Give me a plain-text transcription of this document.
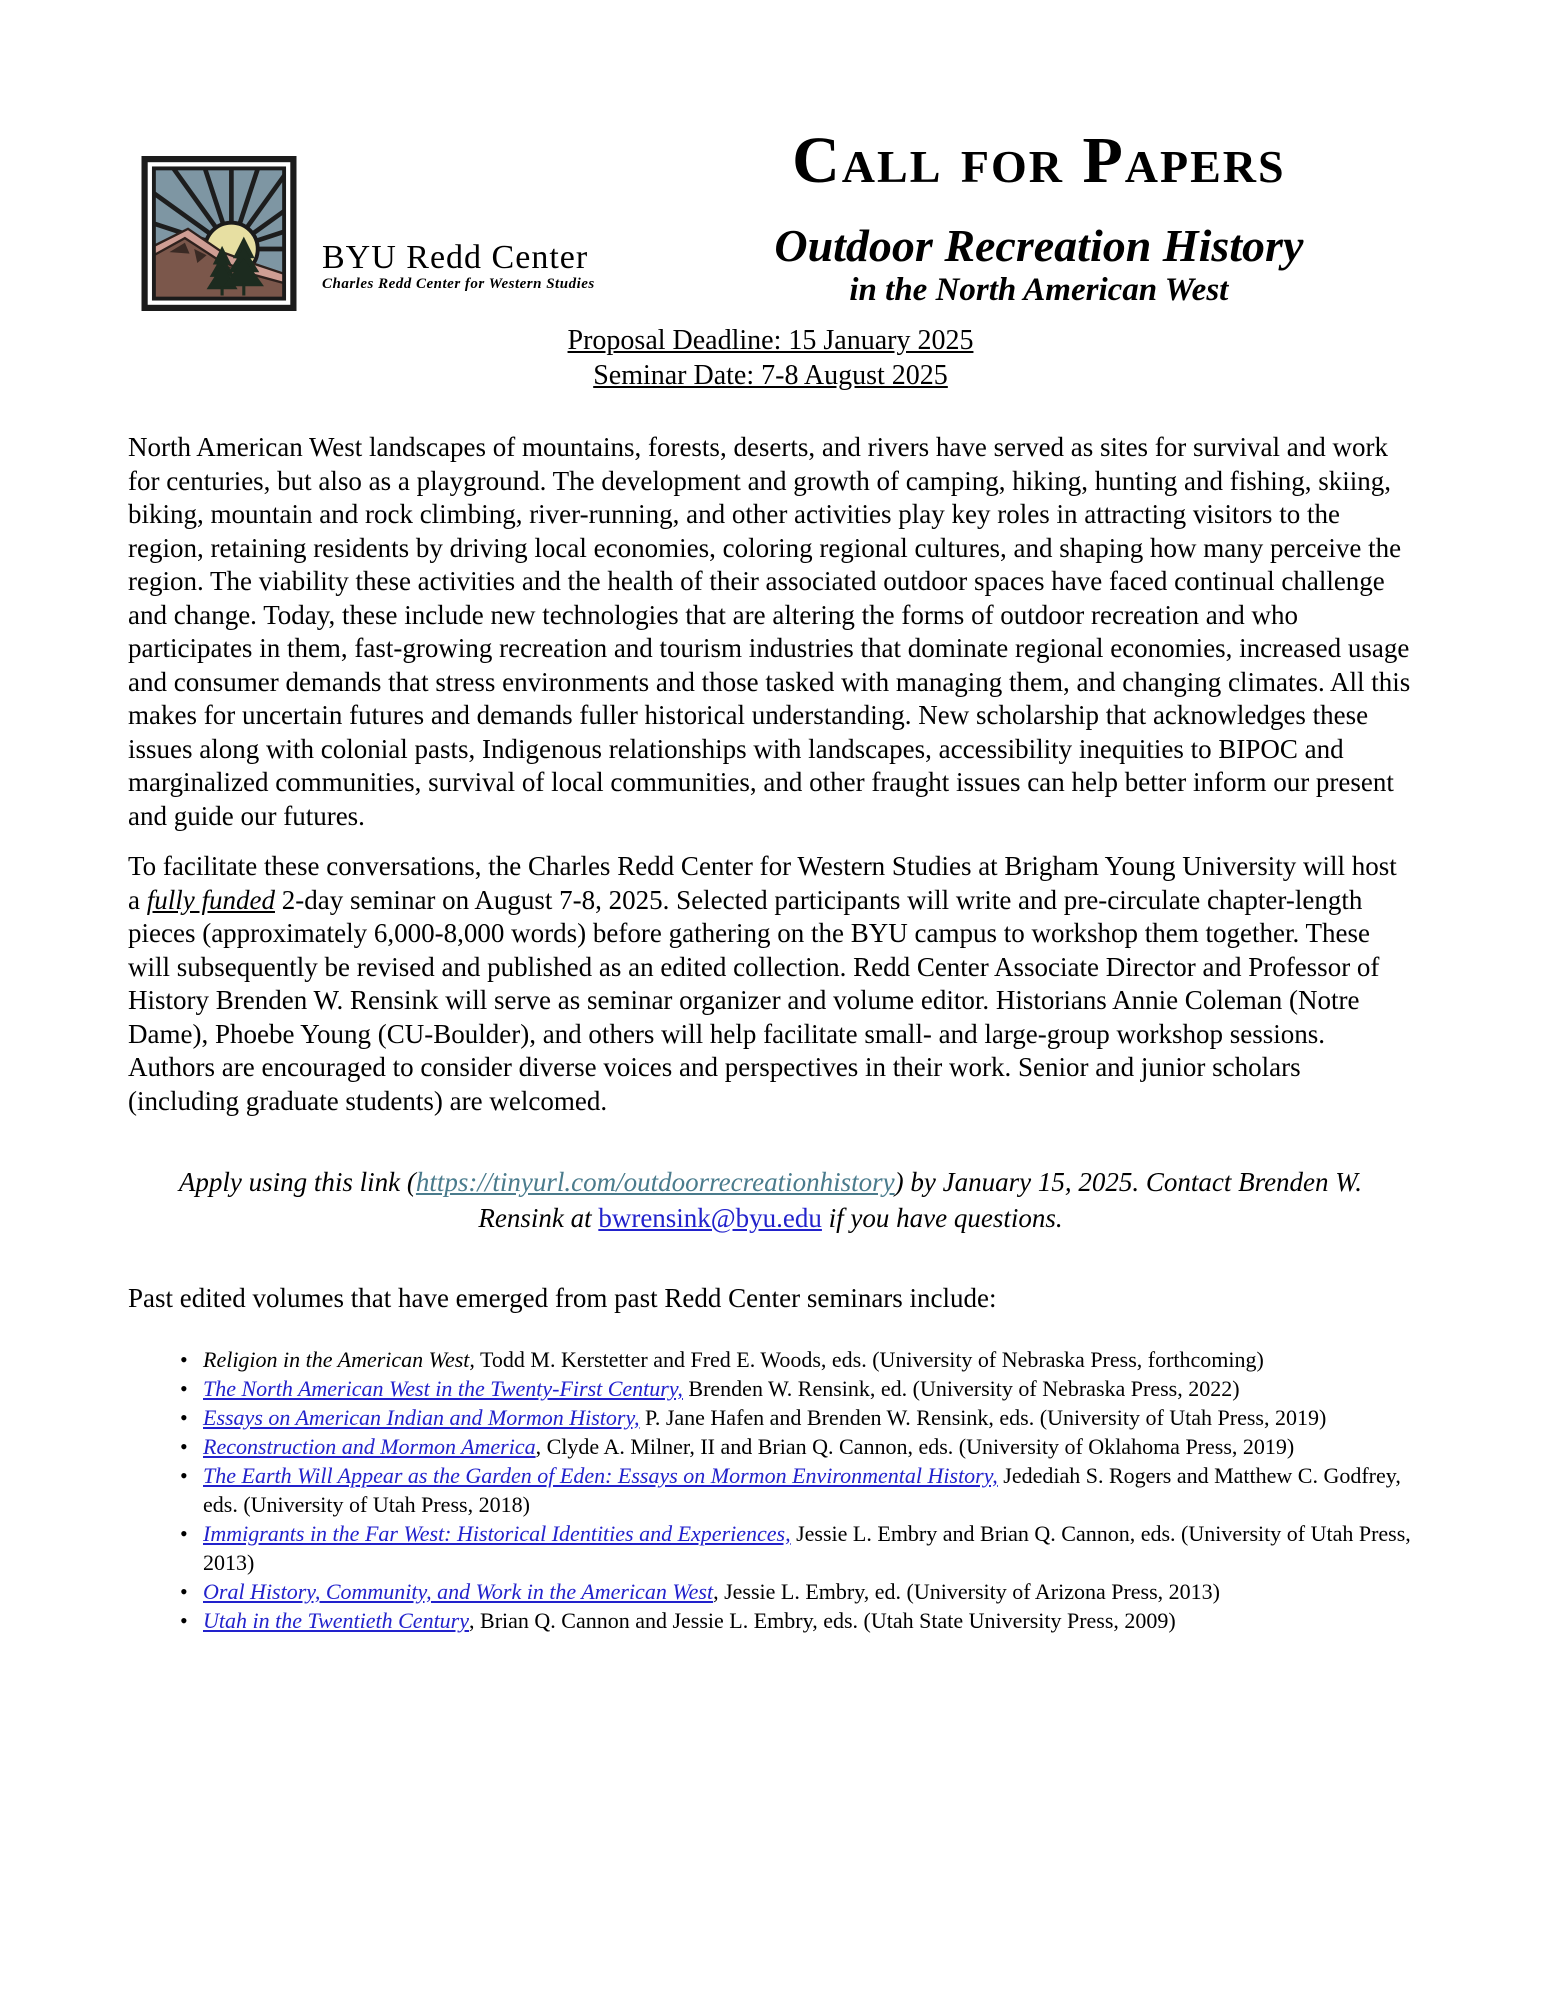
BYU Redd Center
Charles Redd Center for Western Studies
Call for Papers
Outdoor Recreation History
in the North American West
Proposal Deadline: 15 January 2025
Seminar Date: 7-8 August 2025

North American West landscapes of mountains, forests, deserts, and rivers have served as sites for survival and work for centuries, but also as a playground. The development and growth of camping, hiking, hunting and fishing, skiing, biking, mountain and rock climbing, river-running, and other activities play key roles in attracting visitors to the region, retaining residents by driving local economies, coloring regional cultures, and shaping how many perceive the region. The viability these activities and the health of their associated outdoor spaces have faced continual challenge and change. Today, these include new technologies that are altering the forms of outdoor recreation and who participates in them, fast-growing recreation and tourism industries that dominate regional economies, increased usage and consumer demands that stress environments and those tasked with managing them, and changing climates. All this makes for uncertain futures and demands fuller historical understanding. New scholarship that acknowledges these issues along with colonial pasts, Indigenous relationships with landscapes, accessibility inequities to BIPOC and marginalized communities, survival of local communities, and other fraught issues can help better inform our present and guide our futures.

To facilitate these conversations, the Charles Redd Center for Western Studies at Brigham Young University will host a fully funded 2-day seminar on August 7-8, 2025. Selected participants will write and pre-circulate chapter-length pieces (approximately 6,000-8,000 words) before gathering on the BYU campus to workshop them together. These will subsequently be revised and published as an edited collection. Redd Center Associate Director and Professor of History Brenden W. Rensink will serve as seminar organizer and volume editor. Historians Annie Coleman (Notre Dame), Phoebe Young (CU-Boulder), and others will help facilitate small- and large-group workshop sessions. Authors are encouraged to consider diverse voices and perspectives in their work. Senior and junior scholars (including graduate students) are welcomed.

Apply using this link (https://tinyurl.com/outdoorrecreationhistory) by January 15, 2025. Contact Brenden W. Rensink at bwrensink@byu.edu if you have questions.
Past edited volumes that have emerged from past Redd Center seminars include:
• Religion in the American West, Todd M. Kerstetter and Fred E. Woods, eds. (University of Nebraska Press, forthcoming)
• The North American West in the Twenty-First Century, Brenden W. Rensink, ed. (University of Nebraska Press, 2022)
• Essays on American Indian and Mormon History, P. Jane Hafen and Brenden W. Rensink, eds. (University of Utah Press, 2019)
• Reconstruction and Mormon America, Clyde A. Milner, II and Brian Q. Cannon, eds. (University of Oklahoma Press, 2019)
• The Earth Will Appear as the Garden of Eden: Essays on Mormon Environmental History, Jedediah S. Rogers and Matthew C. Godfrey, eds. (University of Utah Press, 2018)
• Immigrants in the Far West: Historical Identities and Experiences, Jessie L. Embry and Brian Q. Cannon, eds. (University of Utah Press, 2013)
• Oral History, Community, and Work in the American West, Jessie L. Embry, ed. (University of Arizona Press, 2013)
• Utah in the Twentieth Century, Brian Q. Cannon and Jessie L. Embry, eds. (Utah State University Press, 2009)
